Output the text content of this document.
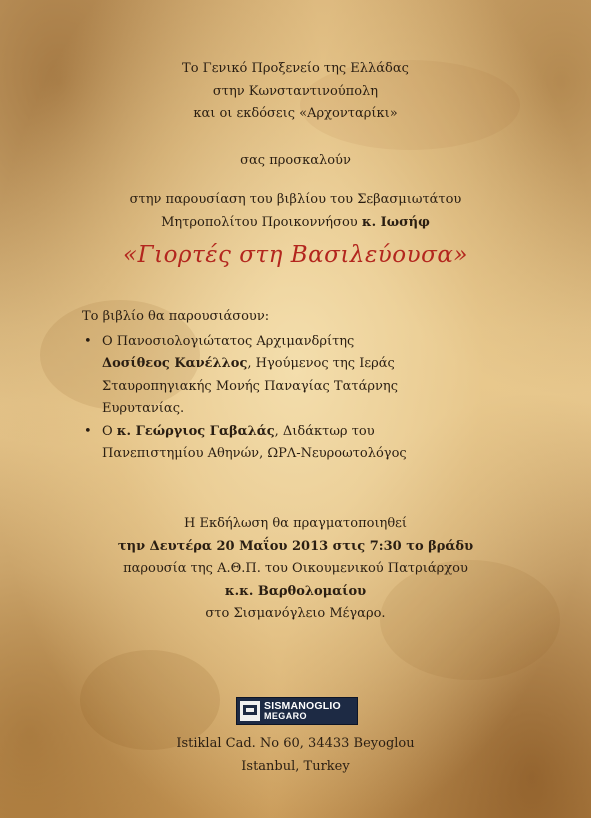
Το Γενικό Προξενείο της Ελλάδας
στην Κωνσταντινούπολη
και οι εκδόσεις «Αρχονταρίκι»
σας προσκαλούν
στην παρουσίαση του βιβλίου του Σεβασμιωτάτου
Μητροπολίτου Προικοννήσου κ. Ιωσήφ
«Γιορτές στη Βασιλεύουσα»
Το βιβλίο θα παρουσιάσουν:
• Ο Πανοσιολογιώτατος Αρχιμανδρίτης
Δοσίθεος Κανέλλος, Ηγούμενος της Ιεράς
Σταυροπηγιακής Μονής Παναγίας Τατάρνης
Ευρυτανίας.
• Ο κ. Γεώργιος Γαβαλάς, Διδάκτωρ του
Πανεπιστημίου Αθηνών, ΩΡΛ-Νευροωτολόγος
Η Εκδήλωση θα πραγματοποιηθεί
την Δευτέρα 20 Μαΐου 2013 στις 7:30 το βράδυ
παρουσία της Α.Θ.Π. του Οικουμενικού Πατριάρχου
κ.κ. Βαρθολομαίου
στο Σισμανόγλειο Μέγαρο.
SISMANOGLIO
MEGARO
Istiklal Cad. No 60, 34433 Beyoglou
Istanbul, Turkey
